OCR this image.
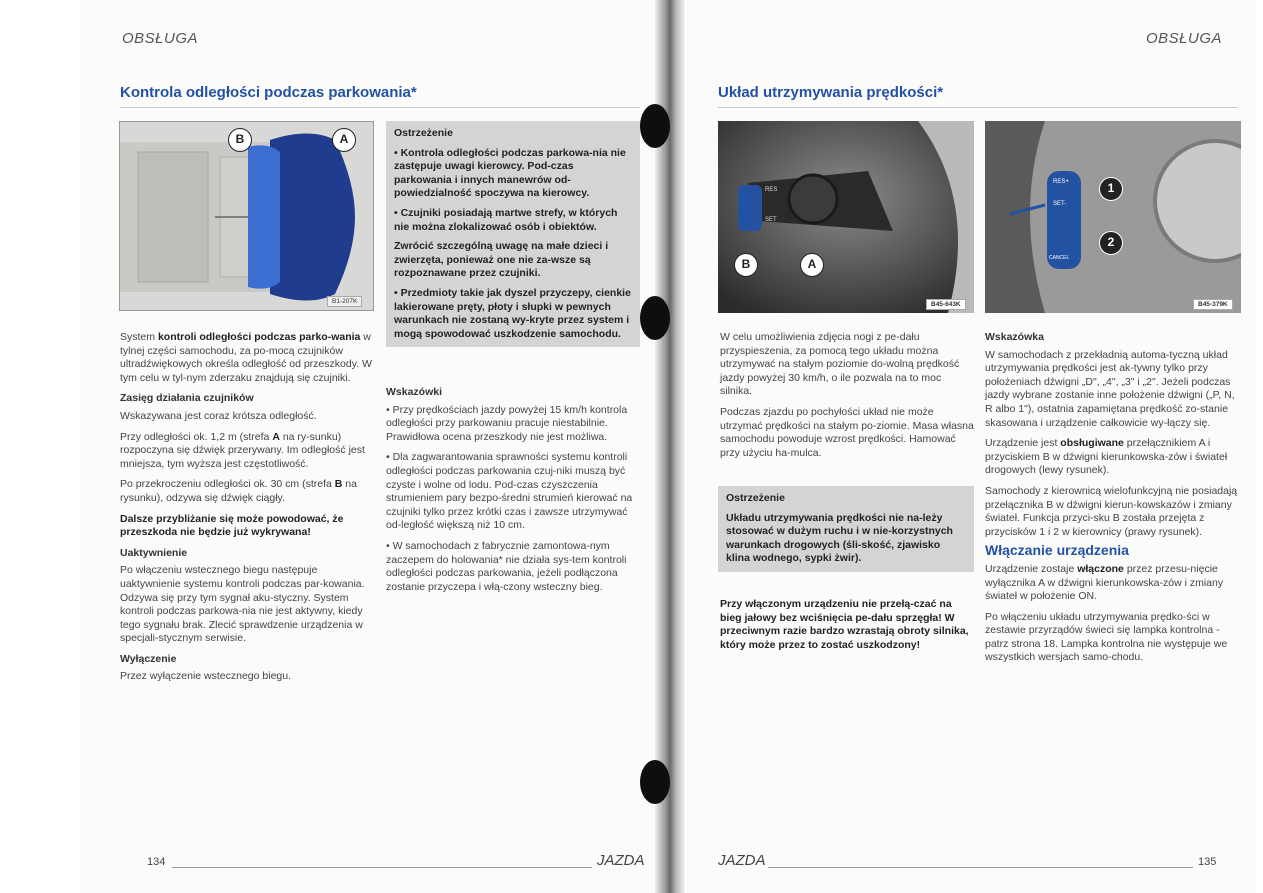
OBSŁUGA
Kontrola odległości podczas parkowania*
B	A
B1-207K

System kontroli odległości podczas parko-wania w tylnej części samochodu, za po-mocą czujników ultradźwiękowych określa odległość od przeszkody. W tym celu w tyl-nym zderzaku znajdują się czujniki.

Zasięg działania czujników

Wskazywana jest coraz krótsza odległość.

Przy odległości ok. 1,2 m (strefa A na ry-sunku) rozpoczyna się dźwięk przerywany. Im odległość jest mniejsza, tym wyższa jest częstotliwość.

Po przekroczeniu odległości ok. 30 cm (strefa B na rysunku), odzywa się dźwięk ciągły.

Dalsze przybliżanie się może powodować, że przeszkoda nie będzie już wykrywana!

Uaktywnienie

Po włączeniu wstecznego biegu następuje uaktywnienie systemu kontroli podczas par-kowania. Odzywa się przy tym sygnał aku-styczny. System kontroli podczas parkowa-nia nie jest aktywny, kiedy tego sygnału brak. Zlecić sprawdzenie urządzenia w specjali-stycznym serwisie.

Wyłączenie

Przez wyłączenie wstecznego biegu.

Ostrzeżenie

• Kontrola odległości podczas parkowa-nia nie zastępuje uwagi kierowcy. Pod-czas parkowania i innych manewrów od-powiedzialność spoczywa na kierowcy.

• Czujniki posiadają martwe strefy, w których nie można zlokalizować osób i obiektów.

Zwrócić szczególną uwagę na małe dzieci i zwierzęta, ponieważ one nie za-wsze są rozpoznawane przez czujniki.

• Przedmioty takie jak dyszel przyczepy, cienkie lakierowane pręty, płoty i słupki w pewnych warunkach nie zostaną wy-kryte przez system i mogą spowodować uszkodzenie samochodu.

Wskazówki

• Przy prędkościach jazdy powyżej 15 km/h kontrola odległości przy parkowaniu pracuje niestabilnie. Prawidłowa ocena przeszkody nie jest możliwa.

• Dla zagwarantowania sprawności systemu kontroli odległości podczas parkowania czuj-niki muszą być czyste i wolne od lodu. Pod-czas czyszczenia strumieniem pary bezpo-średni strumień kierować na czujniki tylko przez krótki czas i zawsze utrzymywać od-ległość większą niż 10 cm.

• W samochodach z fabrycznie zamontowa-nym zaczepem do holowania* nie działa sys-tem kontroli odległości podczas parkowania, jeżeli podłączona zostanie przyczepa i włą-czony wsteczny bieg.

134	JAZDA
OBSŁUGA
Układ utrzymywania prędkości*
RES
SET
B	A
B45-643K
RES+
SET-
CANCEL
1
2
B45-379K

W celu umożliwienia zdjęcia nogi z pe-dału przyspieszenia, za pomocą tego układu można utrzymywać na stałym poziomie do-wolną prędkość jazdy powyżej 30 km/h, o ile pozwala na to moc silnika.

Podczas zjazdu po pochyłości układ nie może utrzymać prędkości na stałym po-ziomie. Masa własna samochodu powoduje wzrost prędkości. Hamować przy użyciu ha-mulca.

Ostrzeżenie

Układu utrzymywania prędkości nie na-leży stosować w dużym ruchu i w nie-korzystnych warunkach drogowych (śli-skość, zjawisko klina wodnego, sypki żwir).

Przy włączonym urządzeniu nie przełą-czać na bieg jałowy bez wciśnięcia pe-dału sprzęgła! W przeciwnym razie bardzo wzrastają obroty silnika, który może przez to zostać uszkodzony!
Wskazówka

W samochodach z przekładnią automa-tyczną układ utrzymywania prędkości jest ak-tywny tylko przy położeniach dźwigni „D", „4", „3" i „2". Jeżeli podczas jazdy wybrane zostanie inne położenie dźwigni („P, N, R albo 1"), ostatnia zapamiętana prędkość zo-stanie skasowana i urządzenie całkowicie wy-łączy się.

Urządzenie jest obsługiwane przełącznikiem A i przyciskiem B w dźwigni kierunkowska-zów i świateł drogowych (lewy rysunek).

Samochody z kierownicą wielofunkcyjną nie posiadają przełącznika B w dźwigni kierun-kowskazów i zmiany świateł. Funkcja przyci-sku B została przejęta z przycisków 1 i 2 w kierownicy (prawy rysunek).

Włączanie urządzenia

Urządzenie zostaje włączone przez przesu-nięcie wyłącznika A w dźwigni kierunkowska-zów i zmiany świateł w położenie ON.

Po włączeniu układu utrzymywania prędko-ści w zestawie przyrządów świeci się lampka kontrolna - patrz strona 18. Lampka kontrolna nie występuje we wszystkich wersjach samo-chodu.

JAZDA	135
